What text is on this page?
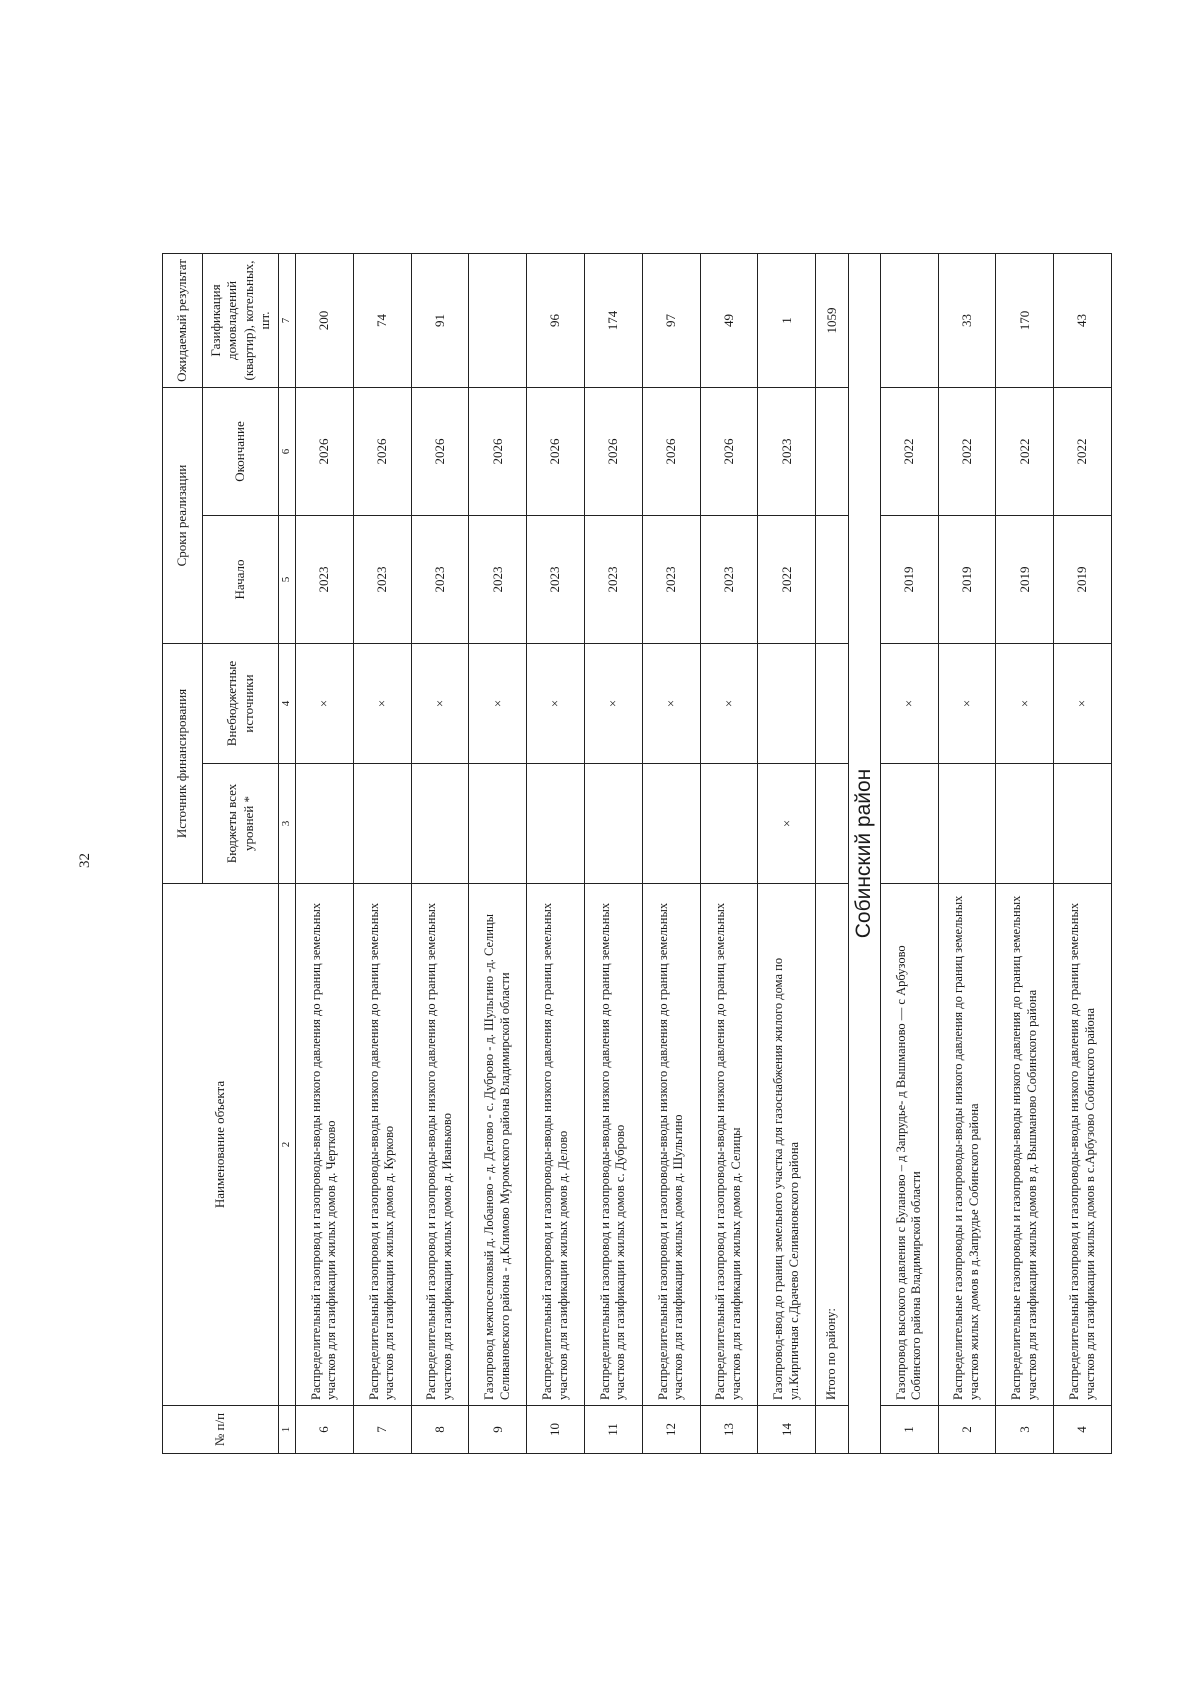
32
№ п/п	Наименование объекта	Источник финансирования		Сроки реализации		Ожидаемый результат
		Бюджеты всех уровней *	Внебюджетные источники	Начало	Окончание	Газификация домовладений (квартир), котельных, шт.
1	2	3	4	5	6	7
6	Распределительный газопровод и газопроводы-вводы низкого давления до границ земельных участков для газификации жилых домов д. Чертково		×	2023	2026	200
7	Распределительный газопровод и газопроводы-вводы низкого давления до границ земельных участков для газификации жилых домов д. Курково		×	2023	2026	74
8	Распределительный газопровод и газопроводы-вводы низкого давления до границ земельных участков для газификации жилых домов д. Иваньково		×	2023	2026	91
9	Газопровод межпоселковый д. Лобаново - д. Делово - с. Дуброво - д. Шульгино -д. Селицы Селивановского района - д.Климово Муромского района Владимирской области		×	2023	2026	
10	Распределительный газопровод и газопроводы-вводы низкого давления до границ земельных участков для газификации жилых домов д. Делово		×	2023	2026	96
11	Распределительный газопровод и газопроводы-вводы низкого давления до границ земельных участков для газификации жилых домов с. Дуброво		×	2023	2026	174
12	Распределительный газопровод и газопроводы-вводы низкого давления до границ земельных участков для газификации жилых домов д. Шульгино		×	2023	2026	97
13	Распределительный газопровод и газопроводы-вводы низкого давления до границ земельных участков для газификации жилых домов д. Селицы		×	2023	2026	49
14	Газопровод-ввод до границ земельного участка для газоснабжения жилого дома по ул.Кирпичная с.Драчево Селивановского района	×		2022	2023	1
	Итого по району:					1059
Собинский район						
1	Газопровод высокого давления с Буланово – д Запрудье- д Вышманово — с Арбузово Собинского района Владимирской области		×	2019	2022	
2	Распределительные газопроводы и газопроводы-вводы низкого давления до границ земельных участков жилых домов в д.Запрудье Собинского района		×	2019	2022	33
3	Распределительные газопроводы и газопроводы-вводы низкого давления до границ земельных участков для газификации жилых домов в д. Вышманово Собинского района		×	2019	2022	170
4	Распределительный газопровод и газопроводы-вводы низкого давления до границ земельных участков для газификации жилых домов в с.Арбузово Собинского района		×	2019	2022	43
